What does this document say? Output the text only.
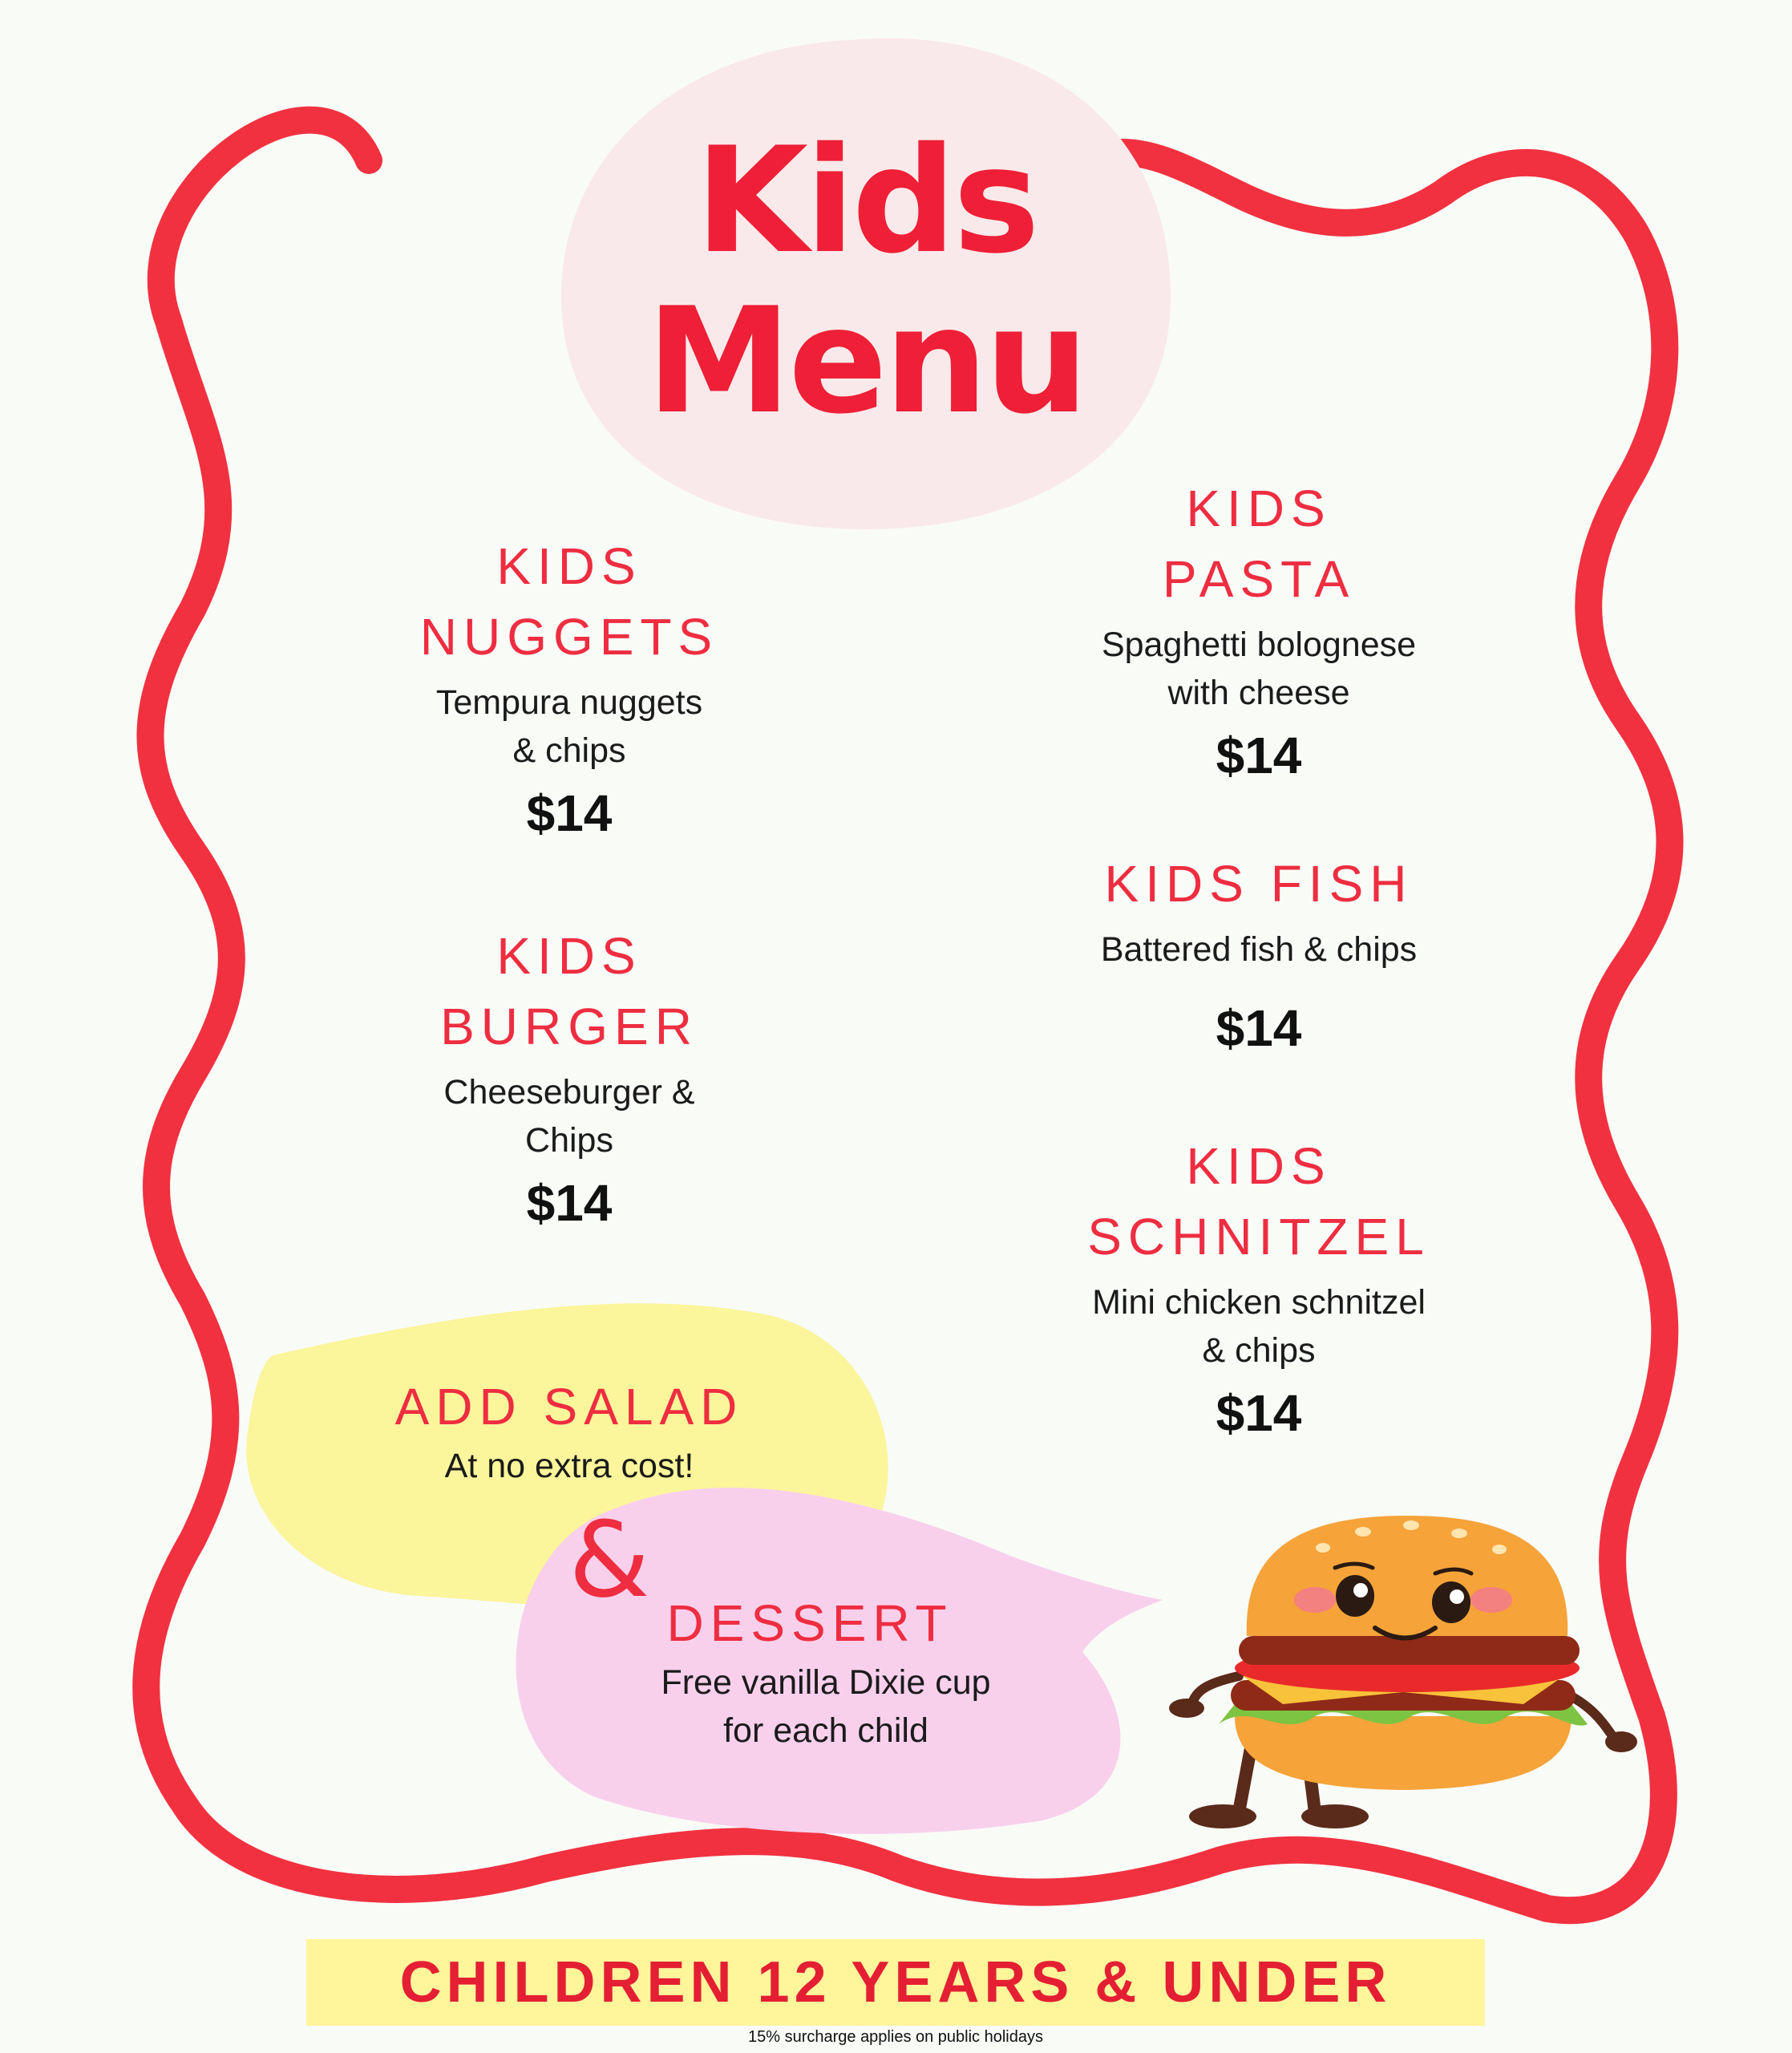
Kids
Menu
KIDS
NUGGETS
Tempura nuggets
& chips
$14
KIDS
BURGER
Cheeseburger &
Chips
$14
KIDS
PASTA
Spaghetti bolognese
with cheese
$14
KIDS FISH
Battered fish & chips
$14
KIDS
SCHNITZEL
Mini chicken schnitzel
& chips
$14
ADD SALAD
At no extra cost!
&
DESSERT
Free vanilla Dixie cup
for each child
CHILDREN 12 YEARS & UNDER
15% surcharge applies on public holidays
